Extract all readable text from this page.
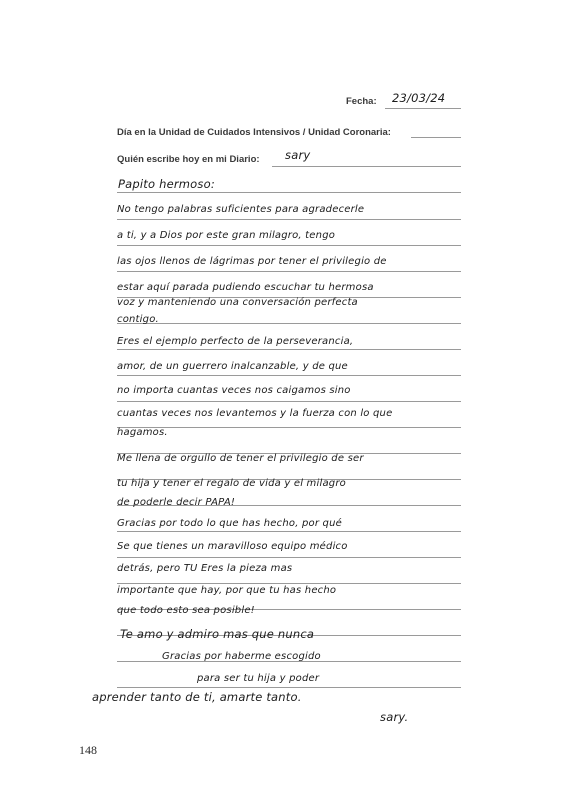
Fecha: 23/03/24
Día en la Unidad de Cuidados Intensivos / Unidad Coronaria:
Quién escribe hoy en mi Diario: sary
Papito hermoso:
No tengo palabras suficientes para agradecerle
a ti, y a Dios por este gran milagro, tengo
las ojos llenos de lágrimas por tener el privilegio de
estar aquí parada pudiendo escuchar tu hermosa
voz y manteniendo una conversación perfecta
contigo.
Eres el ejemplo perfecto de la perseverancia,
amor, de un guerrero inalcanzable, y de que
no importa cuantas veces nos caigamos sino
cuantas veces nos levantemos y la fuerza con lo que
hagamos.
Me llena de orgullo de tener el privilegio de ser
tu hija y tener el regalo de vida y el milagro
de poderle decir PAPA!
Gracias por todo lo que has hecho, por qué
Se que tienes un maravilloso equipo médico
detrás, pero TU Eres la pieza mas
importante que hay, por que tu has hecho
que todo esto sea posible!
Te amo y admiro mas que nunca
Gracias por haberme escogido
para ser tu hija y poder
aprender tanto de ti, amarte tanto.
sary.
148
